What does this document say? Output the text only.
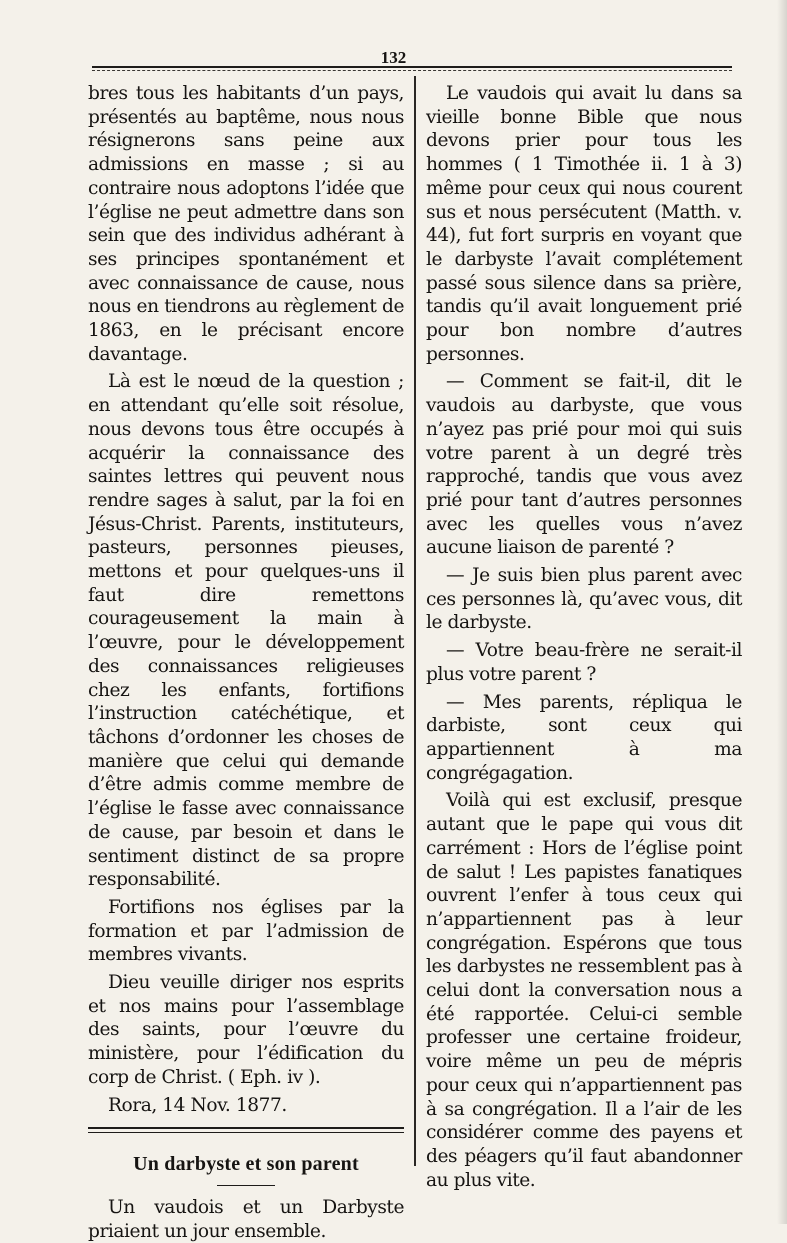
132

bres tous les habitants d’un pays, présentés au baptême, nous nous résignerons sans peine aux admissions en masse ; si au contraire nous adoptons l’idée que l’église ne peut admettre dans son sein que des individus adhérant à ses principes spontanément et avec connaissance de cause, nous nous en tiendrons au règlement de 1863, en le précisant encore davantage.

Là est le nœud de la question ; en attendant qu’elle soit résolue, nous devons tous être occupés à acquérir la connaissance des saintes lettres qui peuvent nous rendre sages à salut, par la foi en Jésus-Christ. Parents, instituteurs, pasteurs, personnes pieuses, mettons et pour quelques-uns il faut dire remettons courageusement la main à l’œuvre, pour le développement des connaissances religieuses chez les enfants, fortifions l’instruction catéchétique, et tâchons d’ordonner les choses de manière que celui qui demande d’être admis comme membre de l’église le fasse avec connaissance de cause, par besoin et dans le sentiment distinct de sa propre responsabilité.

Fortifions nos églises par la formation et par l’admission de membres vivants.

Dieu veuille diriger nos esprits et nos mains pour l’assemblage des saints, pour l’œuvre du ministère, pour l’édification du corp de Christ. ( Eph. iv ).

Rora, 14 Nov. 1877.
Un darbyste et son parent

Un vaudois et un Darbyste priaient un jour ensemble.

Le vaudois qui avait lu dans sa vieille bonne Bible que nous devons prier pour tous les hommes ( 1 Timothée ii. 1 à 3) même pour ceux qui nous courent sus et nous persécutent (Matth. v. 44), fut fort surpris en voyant que le darbyste l’avait complétement passé sous silence dans sa prière, tandis qu’il avait longuement prié pour bon nombre d’autres personnes.

— Comment se fait-il, dit le vaudois au darbyste, que vous n’ayez pas prié pour moi qui suis votre parent à un degré très rapproché, tandis que vous avez prié pour tant d’autres personnes avec les quelles vous n’avez aucune liaison de parenté ?

— Je suis bien plus parent avec ces personnes là, qu’avec vous, dit le darbyste.

— Votre beau-frère ne serait-il plus votre parent ?

— Mes parents, répliqua le darbiste, sont ceux qui appartiennent à ma congrégagation.

Voilà qui est exclusif, presque autant que le pape qui vous dit carrément : Hors de l’église point de salut ! Les papistes fanatiques ouvrent l’enfer à tous ceux qui n’appartiennent pas à leur congrégation. Espérons que tous les darbystes ne ressemblent pas à celui dont la conversation nous a été rapportée. Celui-ci semble professer une certaine froideur, voire même un peu de mépris pour ceux qui n’appartiennent pas à sa congrégation. Il a l’air de les considérer comme des payens et des péagers qu’il faut abandonner au plus vite.
